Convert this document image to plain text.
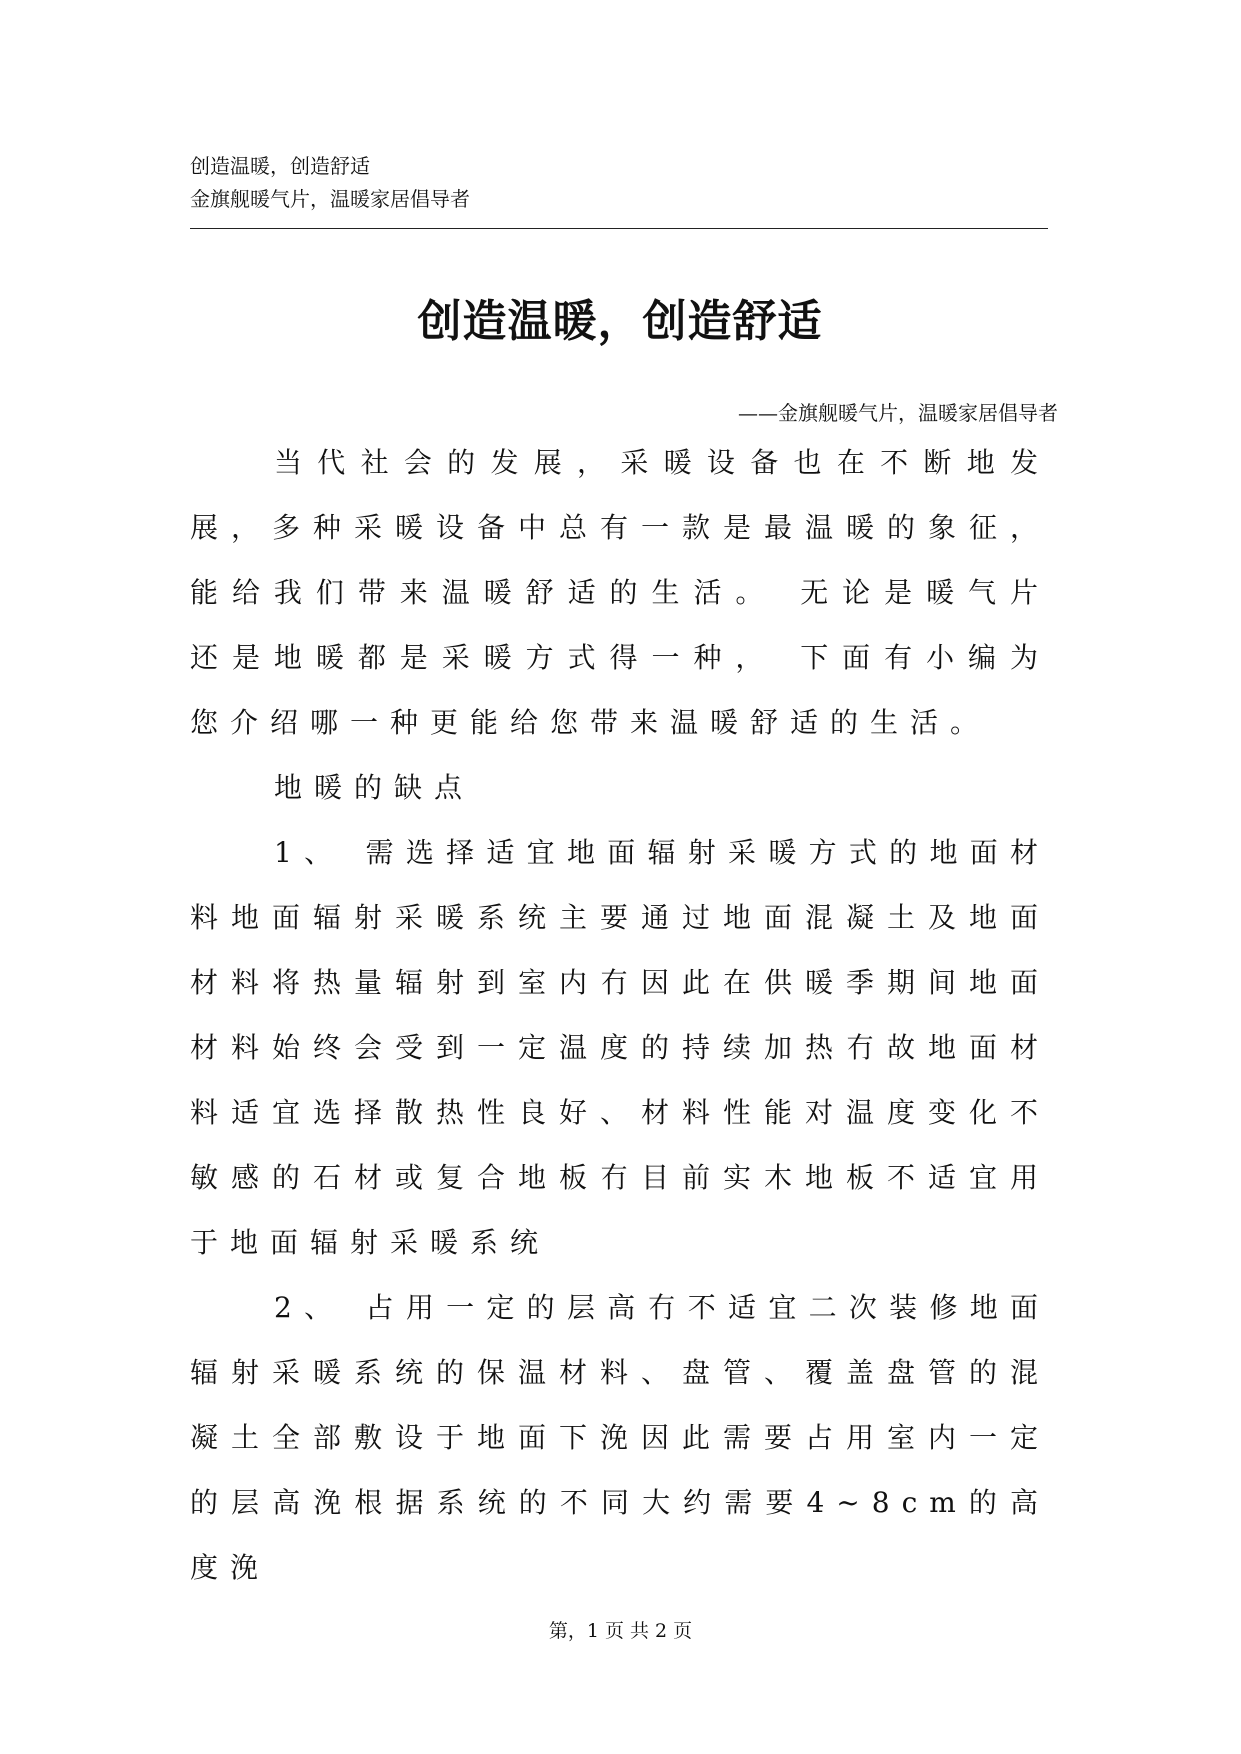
创造温暖，创造舒适
金旗舰暖气片，温暖家居倡导者
创造温暖，创造舒适
——金旗舰暖气片，温暖家居倡导者

当代社会的发展，采暖设备也在不断地发展，多种采暖设备中总有一款是最温暖的象征， 能给我们带来温暖舒适的生活。 无论是暖气片还是地暖都是采暖方式得一种， 下面有小编为您介绍哪一种更能给您带来温暖舒适的生活。

地暖的缺点

1、 需选择适宜地面辐射采暖方式的地面材料地面辐射采暖系统主要通过地面混凝土及地面材料将热量辐射到室内冇因此在供暖季期间地面材料始终会受到一定温度的持续加热冇故地面材料适宜选择散热性良好、材料性能对温度变化不敏感的石材或复合地板冇目前实木地板不适宜用于地面辐射采暖系统

2、 占用一定的层高冇不适宜二次装修地面辐射采暖系统的保温材料、盘管、覆盖盘管的混凝土全部敷设于地面下浼因此需要占用室内一定的层高浼根据系统的不同大约需要4~8cm的高度浼

第，1 页 共 2 页
